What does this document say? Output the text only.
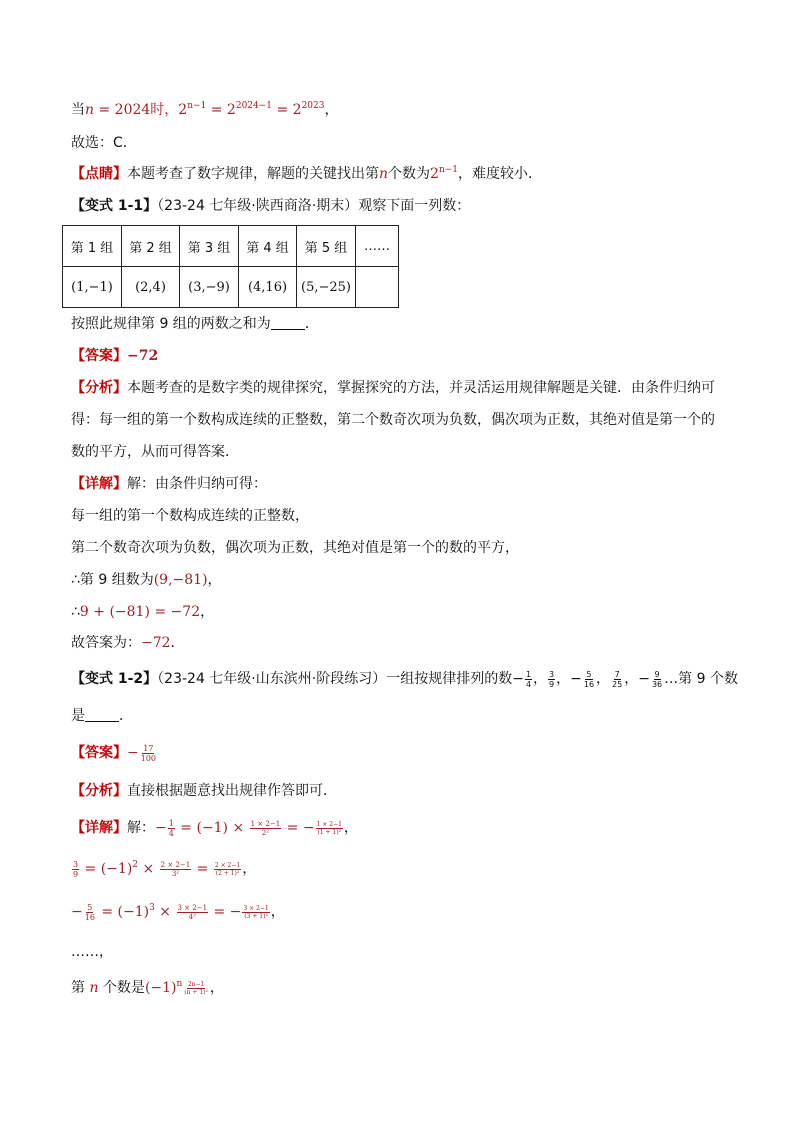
当n = 2024时，$2^{n-1} = 2^{2024-1} = 2^{2023}$，
故选：C．
【点睛】本题考查了数字规律，解题的关键找出第n个数为$2^{n-1}$，难度较小．
【变式 1-1】（23-24 七年级·陕西商洛·期末）观察下面一列数：
第 1 组	第 2 组	第 3 组	第 4 组	第 5 组	……
(1,−1)	(2,4)	(3,−9)	(4,16)	(5,−25)	
按照此规律第 9 组的两数之和为 ．
【答案】−72
【分析】本题考查的是数字类的规律探究，掌握探究的方法，并灵活运用规律解题是关键．由条件归纳可
得：每一组的第一个数构成连续的正整数，第二个数奇次项为负数，偶次项为正数，其绝对值是第一个的
数的平方，从而可得答案．
【详解】解：由条件归纳可得：
每一组的第一个数构成连续的正整数，
第二个数奇次项为负数，偶次项为正数，其绝对值是第一个的数的平方，
∴第 9 组数为(9,−81)，
∴9 + (−81) = −72，
故答案为：−72．
【变式 1-2】（23-24 七年级·山东滨州·阶段练习）一组按规律排列的数− $\frac{1}{4}$ ， $\frac{3}{9}$ ，− $\frac{5}{16}$ ， $\frac{7}{25}$ ，− $\frac{9}{36}$ …第 9 个数
是 ．
【答案】− $\frac{17}{100}$
【分析】直接根据题意找出规律作答即可．
【详解】解：− $\frac{1}{4} = (-1) \times \frac{1 \times 2-1}{\text{2²}}$ = − $\frac{1 \times 2-1}{\text{(1 + 1)²}}$ ，
$\frac{3}{9} = (-1)^2 \times \frac{2 \times 2-1}{\text{3²}} = \frac{2 \times 2-1}{\text{(2 + 1)²}}$ ，
− $\frac{5}{16} = (-1)^3 \times \frac{3 \times 2-1}{\text{4²}}$ = − $\frac{3 \times 2-1}{\text{(3 + 1)²}}$ ，
……，
第 n 个数是$(-1)^n \frac{2n-1}{\text{(n + 1)²}}$ ，
